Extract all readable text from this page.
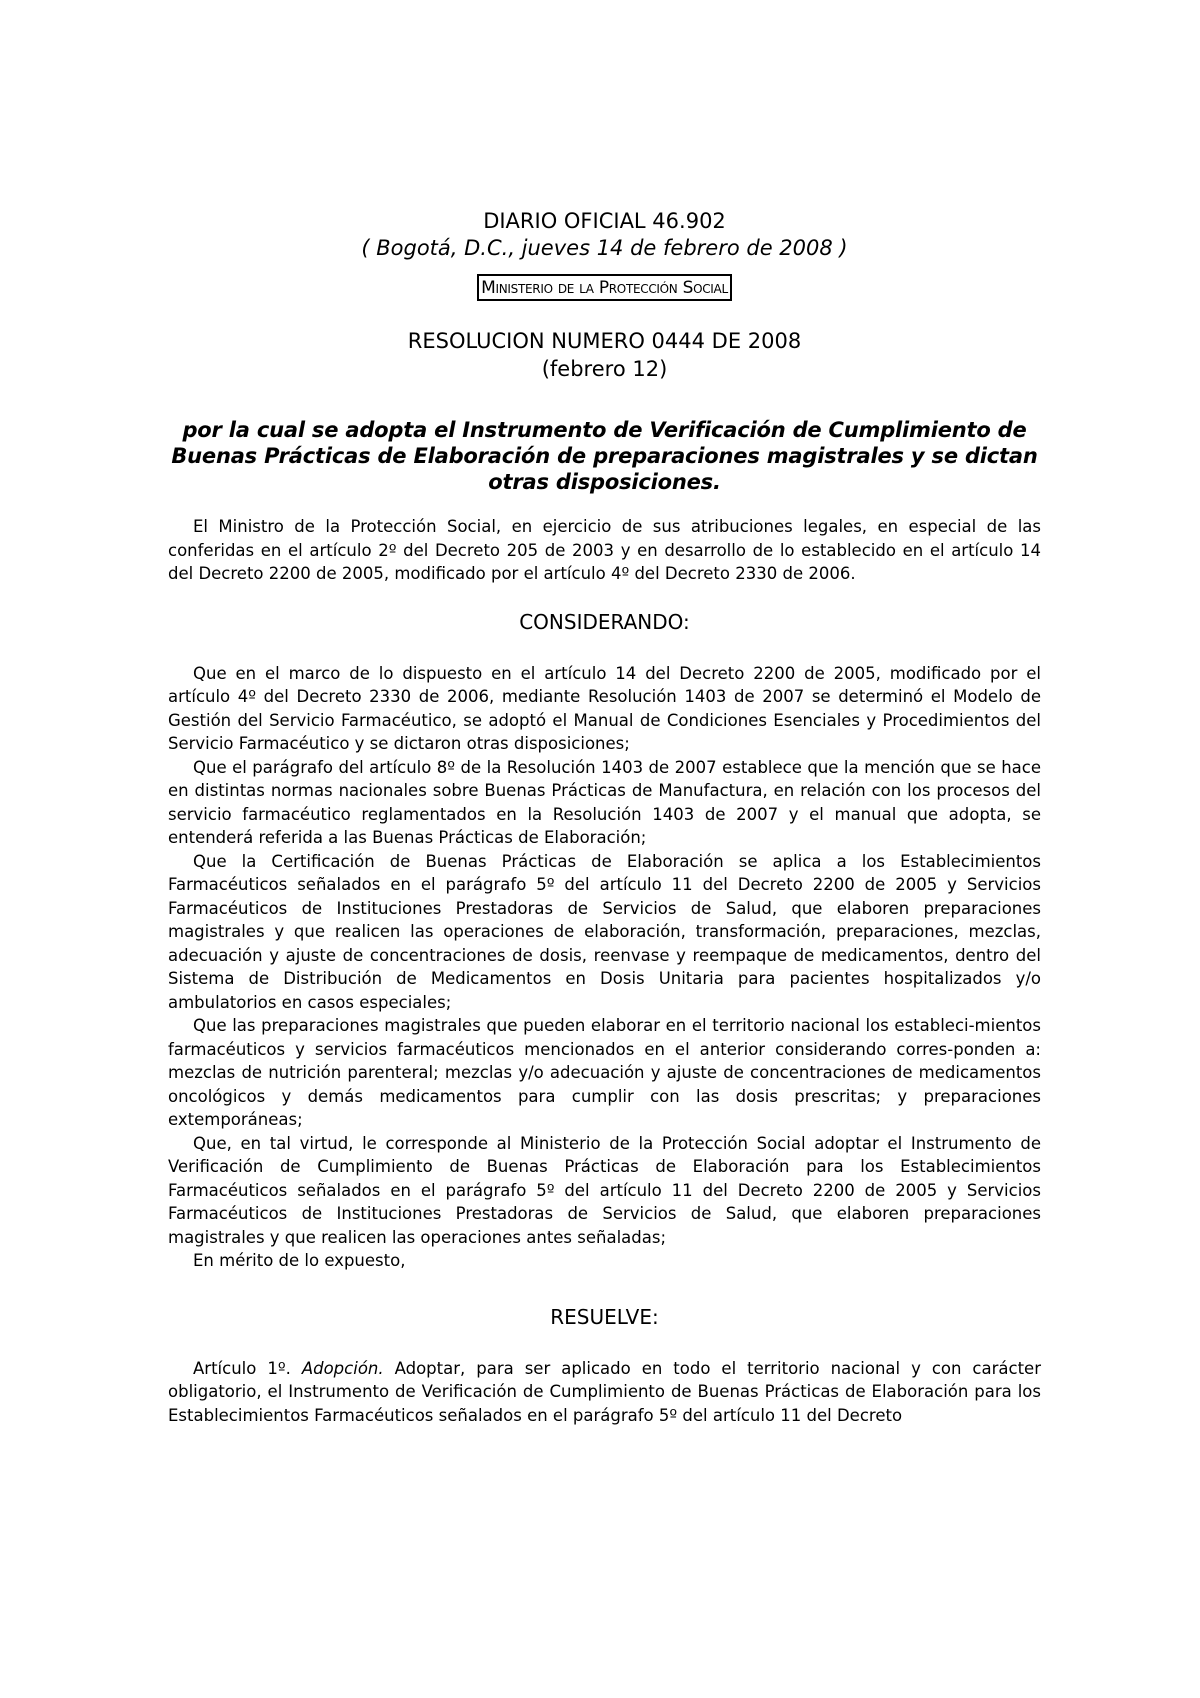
DIARIO OFICIAL 46.902

( Bogotá, D.C., jueves 14 de febrero de 2008 )

Ministerio de la Protección Social

RESOLUCION NUMERO 0444 DE 2008

(febrero 12)

por la cual se adopta el Instrumento de Verificación de Cumplimiento de Buenas Prácticas de Elaboración de preparaciones magistrales y se dictan otras disposiciones.

El Ministro de la Protección Social, en ejercicio de sus atribuciones legales, en especial de las conferidas en el artículo 2º del Decreto 205 de 2003 y en desarrollo de lo establecido en el artículo 14 del Decreto 2200 de 2005, modificado por el artículo 4º del Decreto 2330 de 2006.

CONSIDERANDO:

Que en el marco de lo dispuesto en el artículo 14 del Decreto 2200 de 2005, modificado por el artículo 4º del Decreto 2330 de 2006, mediante Resolución 1403 de 2007 se determinó el Modelo de Gestión del Servicio Farmacéutico, se adoptó el Manual de Condiciones Esenciales y Procedimientos del Servicio Farmacéutico y se dictaron otras disposiciones;

Que el parágrafo del artículo 8º de la Resolución 1403 de 2007 establece que la mención que se hace en distintas normas nacionales sobre Buenas Prácticas de Manufactura, en relación con los procesos del servicio farmacéutico reglamentados en la Resolución 1403 de 2007 y el manual que adopta, se entenderá referida a las Buenas Prácticas de Elaboración;

Que la Certificación de Buenas Prácticas de Elaboración se aplica a los Establecimientos Farmacéuticos señalados en el parágrafo 5º del artículo 11 del Decreto 2200 de 2005 y Servicios Farmacéuticos de Instituciones Prestadoras de Servicios de Salud, que elaboren preparaciones magistrales y que realicen las operaciones de elaboración, transformación, preparaciones, mezclas, adecuación y ajuste de concentraciones de dosis, reenvase y reempaque de medicamentos, dentro del Sistema de Distribución de Medicamentos en Dosis Unitaria para pacientes hospitalizados y/o ambulatorios en casos especiales;

Que las preparaciones magistrales que pueden elaborar en el territorio nacional los estableci-mientos farmacéuticos y servicios farmacéuticos mencionados en el anterior considerando corres-ponden a: mezclas de nutrición parenteral; mezclas y/o adecuación y ajuste de concentraciones de medicamentos oncológicos y demás medicamentos para cumplir con las dosis prescritas; y preparaciones extemporáneas;

Que, en tal virtud, le corresponde al Ministerio de la Protección Social adoptar el Instrumento de Verificación de Cumplimiento de Buenas Prácticas de Elaboración para los Establecimientos Farmacéuticos señalados en el parágrafo 5º del artículo 11 del Decreto 2200 de 2005 y Servicios Farmacéuticos de Instituciones Prestadoras de Servicios de Salud, que elaboren preparaciones magistrales y que realicen las operaciones antes señaladas;

En mérito de lo expuesto,

RESUELVE:

Artículo 1º. Adopción. Adoptar, para ser aplicado en todo el territorio nacional y con carácter obligatorio, el Instrumento de Verificación de Cumplimiento de Buenas Prácticas de Elaboración para los Establecimientos Farmacéuticos señalados en el parágrafo 5º del artículo 11 del Decreto
